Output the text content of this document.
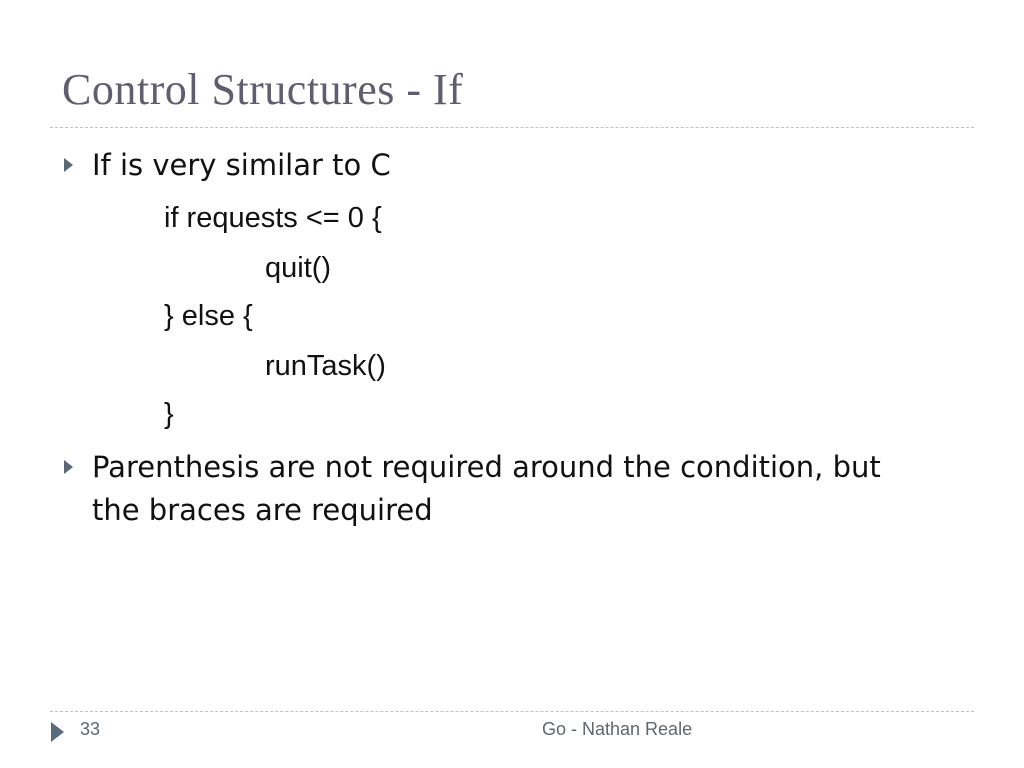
Control Structures - If
If is very similar to C
if requests <= 0 {
quit()
} else {
runTask()
}
Parenthesis are not required around the condition, but
the braces are required
33	Go - Nathan Reale
